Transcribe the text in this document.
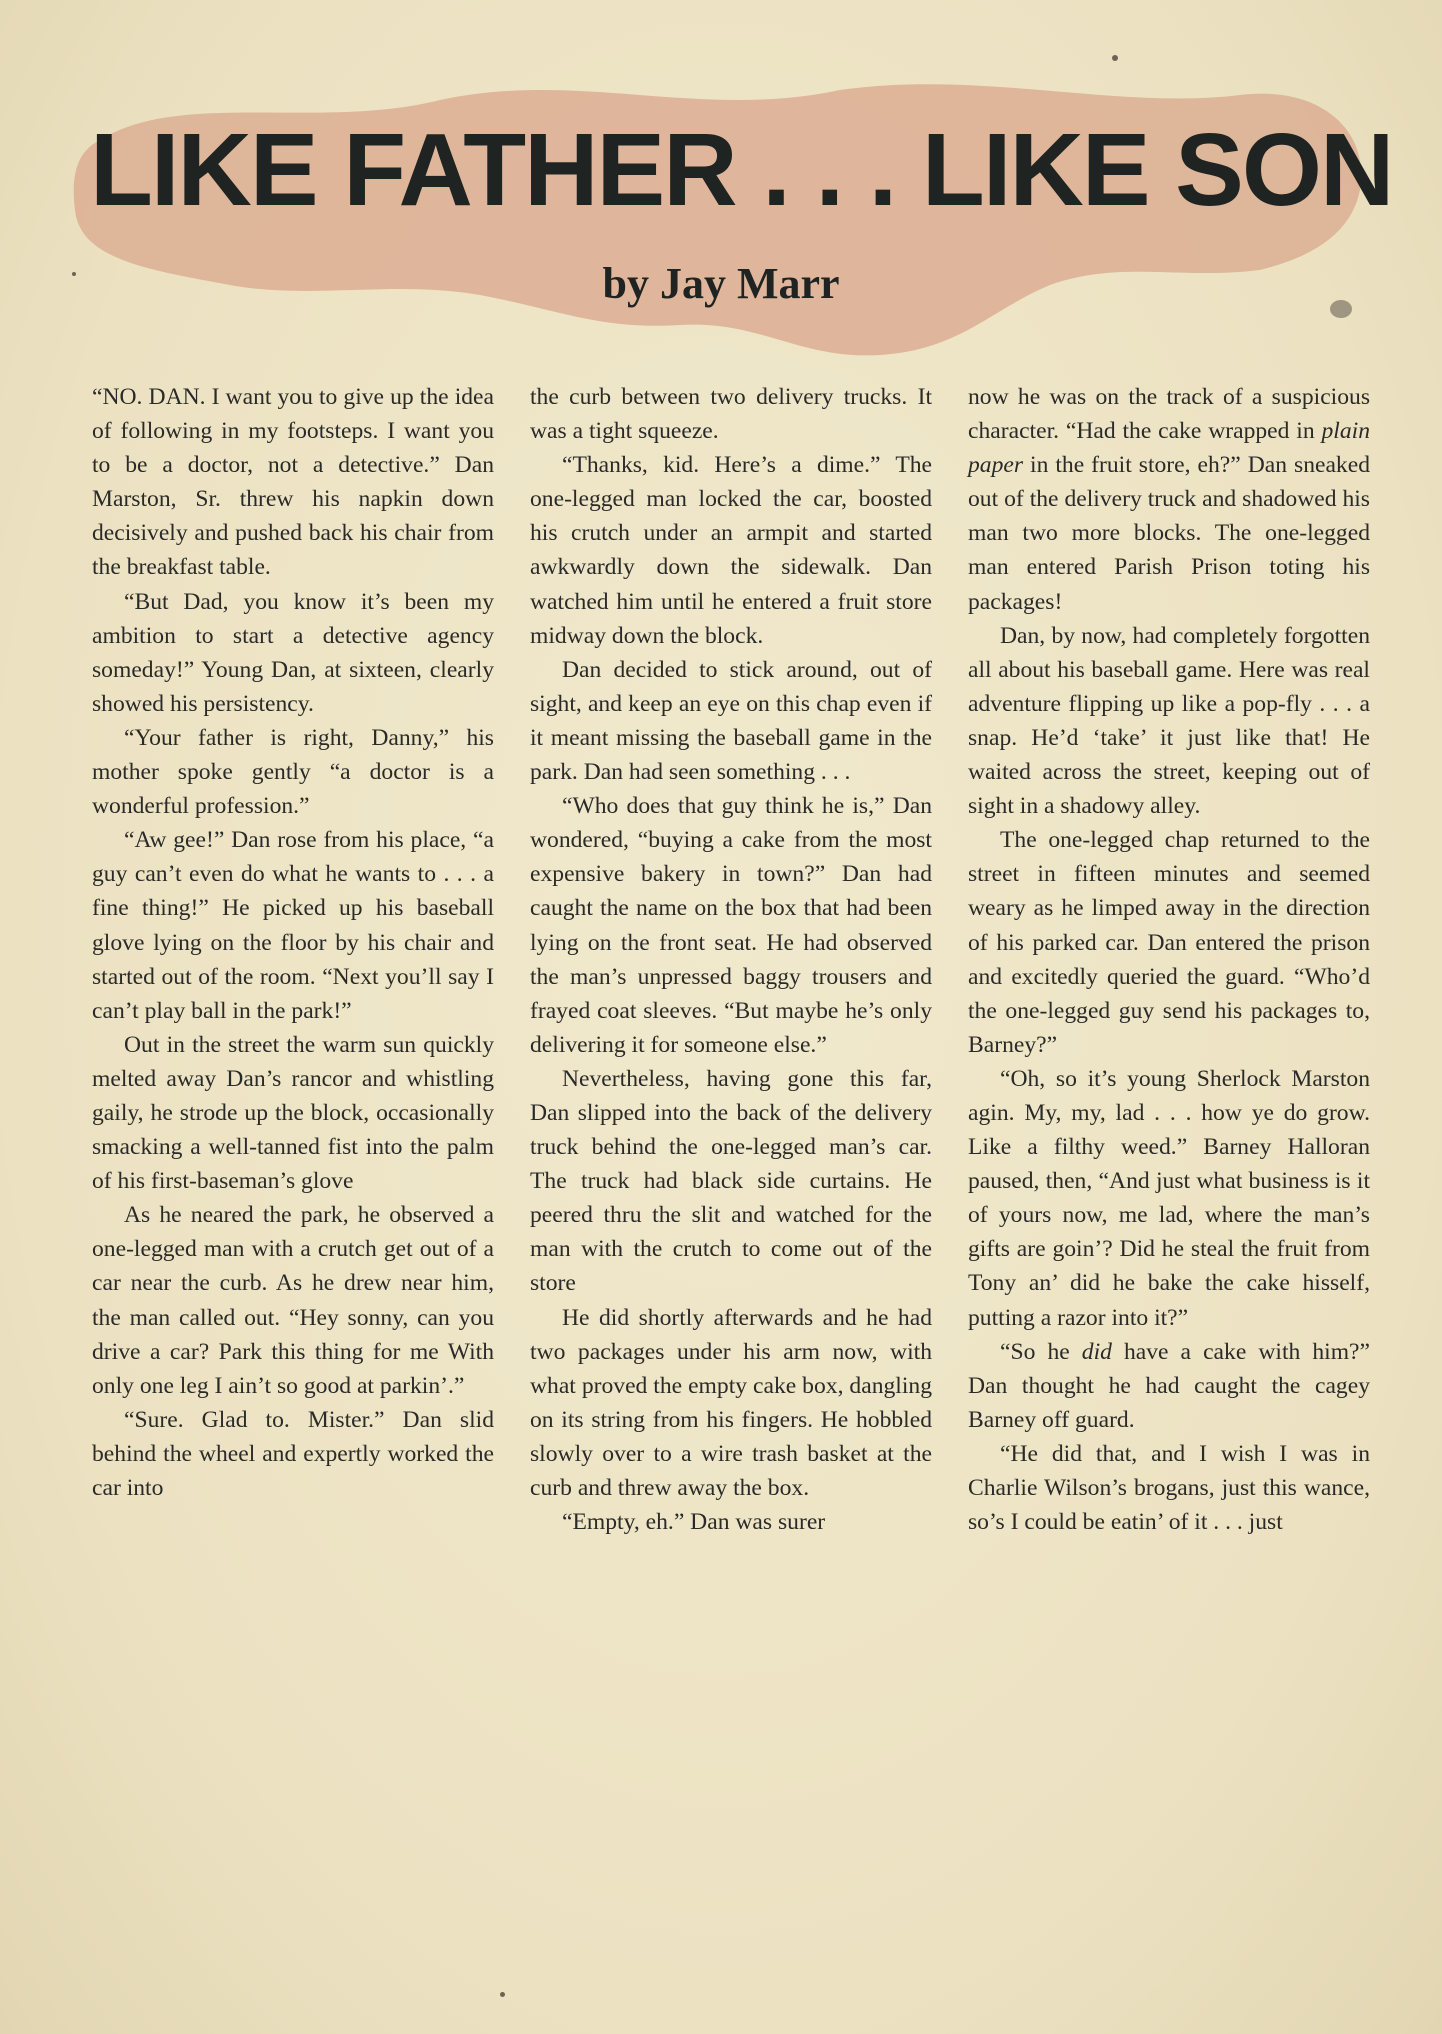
LIKE FATHER . . . LIKE SON
by Jay Marr

“NO. DAN. I want you to give up the idea of following in my footsteps. I want you to be a doctor, not a detective.” Dan Marston, Sr. threw his napkin down decisively and pushed back his chair from the breakfast table.

“But Dad, you know it’s been my ambition to start a detective agency someday!” Young Dan, at sixteen, clearly showed his persistency.

“Your father is right, Danny,” his mother spoke gently “a doctor is a wonderful profession.”

“Aw gee!” Dan rose from his place, “a guy can’t even do what he wants to . . . a fine thing!” He picked up his baseball glove lying on the floor by his chair and started out of the room. “Next you’ll say I can’t play ball in the park!”

Out in the street the warm sun quickly melted away Dan’s rancor and whistling gaily, he strode up the block, occasionally smacking a well-tanned fist into the palm of his first-baseman’s glove

As he neared the park, he observed a one-legged man with a crutch get out of a car near the curb. As he drew near him, the man called out. “Hey sonny, can you drive a car? Park this thing for me With only one leg I ain’t so good at parkin’.”

“Sure. Glad to. Mister.” Dan slid behind the wheel and expertly worked the car into

the curb between two delivery trucks. It was a tight squeeze.

“Thanks, kid. Here’s a dime.” The one-legged man locked the car, boosted his crutch under an armpit and started awkwardly down the sidewalk. Dan watched him until he entered a fruit store midway down the block.

Dan decided to stick around, out of sight, and keep an eye on this chap even if it meant missing the baseball game in the park. Dan had seen something . . .

“Who does that guy think he is,” Dan wondered, “buying a cake from the most expensive bakery in town?” Dan had caught the name on the box that had been lying on the front seat. He had observed the man’s unpressed baggy trousers and frayed coat sleeves. “But maybe he’s only delivering it for someone else.”

Nevertheless, having gone this far, Dan slipped into the back of the delivery truck behind the one-legged man’s car. The truck had black side curtains. He peered thru the slit and watched for the man with the crutch to come out of the store

He did shortly afterwards and he had two packages under his arm now, with what proved the empty cake box, dangling on its string from his fingers. He hobbled slowly over to a wire trash basket at the curb and threw away the box.

“Empty, eh.” Dan was surer

now he was on the track of a suspicious character. “Had the cake wrapped in plain paper in the fruit store, eh?” Dan sneaked out of the delivery truck and shadowed his man two more blocks. The one-legged man entered Parish Prison toting his packages!

Dan, by now, had completely forgotten all about his baseball game. Here was real adventure flipping up like a pop-fly . . . a snap. He’d ‘take’ it just like that! He waited across the street, keeping out of sight in a shadowy alley.

The one-legged chap returned to the street in fifteen minutes and seemed weary as he limped away in the direction of his parked car. Dan entered the prison and excitedly queried the guard. “Who’d the one-legged guy send his packages to, Barney?”

“Oh, so it’s young Sherlock Marston agin. My, my, lad . . . how ye do grow. Like a filthy weed.” Barney Halloran paused, then, “And just what business is it of yours now, me lad, where the man’s gifts are goin’? Did he steal the fruit from Tony an’ did he bake the cake hisself, putting a razor into it?”

“So he did have a cake with him?” Dan thought he had caught the cagey Barney off guard.

“He did that, and I wish I was in Charlie Wilson’s brogans, just this wance, so’s I could be eatin’ of it . . . just
